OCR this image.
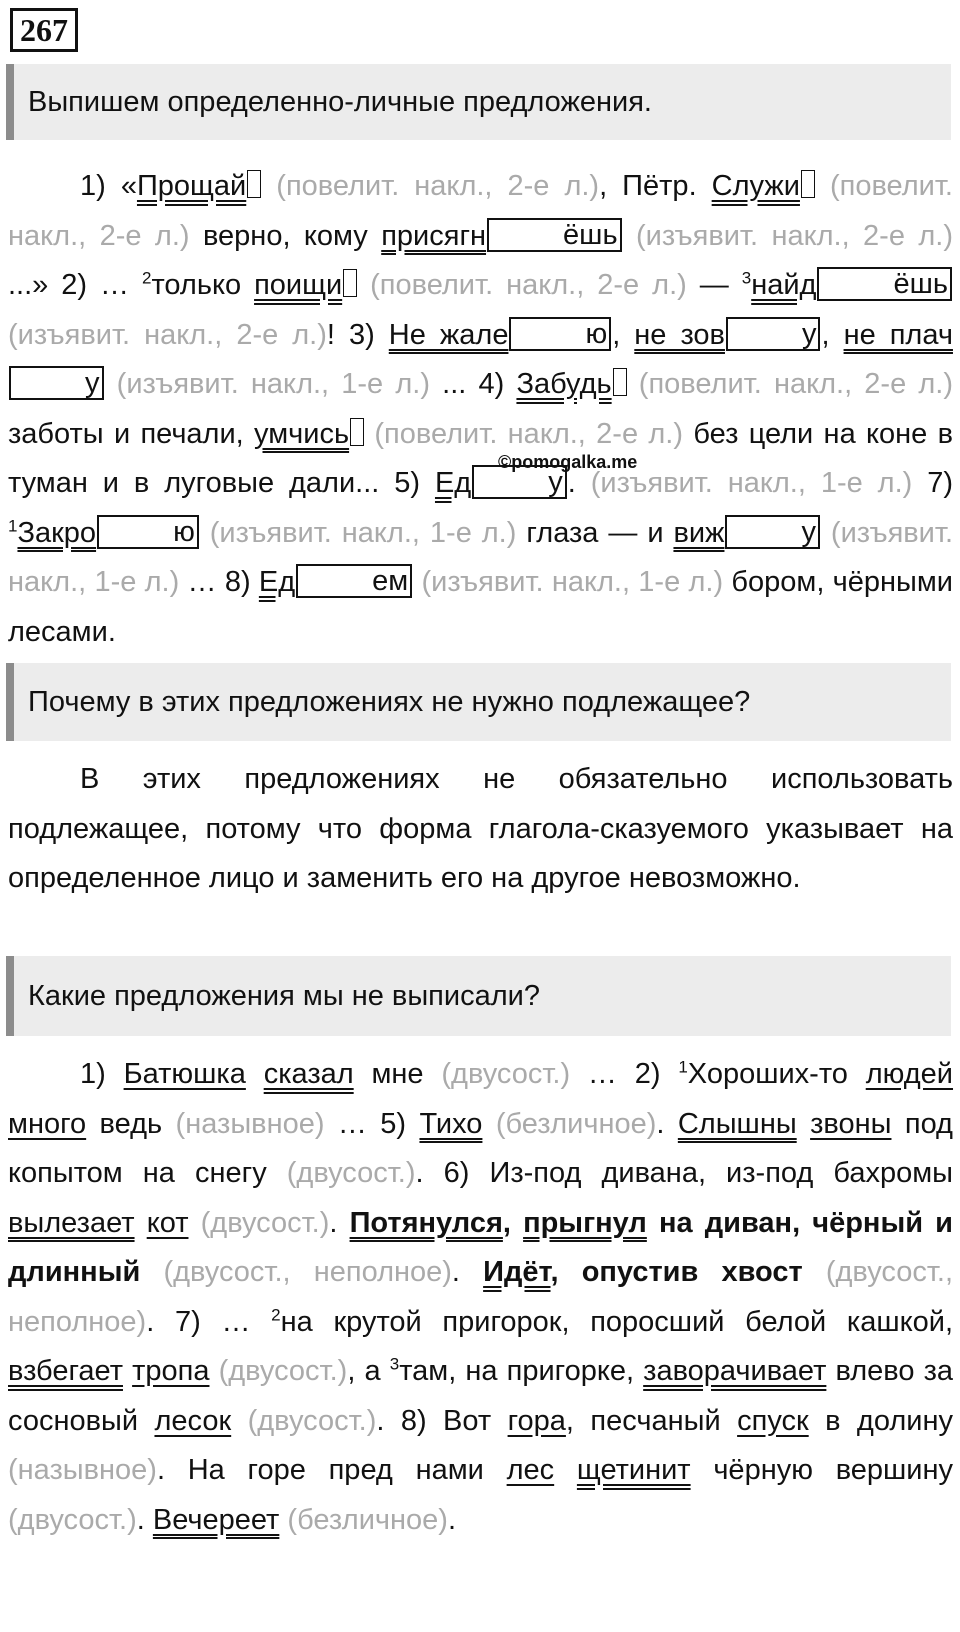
267
Выпишем определенно-личные предложения.

1) «Прощай (повелит. накл., 2-е л.), Пётр. Служи (повелит. накл., 2-е л.) верно, кому присягн	ёшь (изъявит. накл., 2-е л.) ...» 2) … $^2$только поищи (повелит. накл., 2-е л.) — $^3$найд	ёшь (изъявит. накл., 2-е л.)! 3) Не жале	ю , не зов	у , не плачу (изъявит. накл., 1-е л.) ... 4) Забудь (повелит. накл., 2-е л.) заботы и печали, умчись (повелит. накл., 2-е л.) без цели на коне в туман и в луговые дали... 5) Ед	у . (изъявит. накл., 1-е л.) 7) $^1$Закро	ю (изъявит. накл., 1-е л.) глаза — и виж	у (изъявит. накл., 1-е л.) … 8) Ед	ем (изъявит. накл., 1-е л.) бором, чёрными лесами.

©pomogalka.me
Почему в этих предложениях не нужно подлежащее?

В этих предложениях не обязательно использовать подлежащее, потому что форма глагола-сказуемого указывает на определенное лицо и заменить его на другое невозможно.

Какие предложения мы не выписали?

1) Батюшка сказал мне (двусост.) … 2) $^1$Хороших-то людей много ведь (назывное) … 5) Тихо (безличное). Слышны звоны под копытом на снегу (двусост.). 6) Из-под дивана, из-под бахромы вылезает кот (двусост.). Потянулся, прыгнул на диван, чёрный и длинный (двусост., неполное). Идёт, опустив хвост (двусост., неполное). 7) … $^2$на крутой пригорок, поросший белой кашкой, взбегает тропа (двусост.), а $^3$там, на пригорке, заворачивает влево за сосновый лесок (двусост.). 8) Вот гора, песчаный спуск в долину (назывное). На горе пред нами лес щетинит чёрную вершину (двусост.). Вечереет (безличное).
